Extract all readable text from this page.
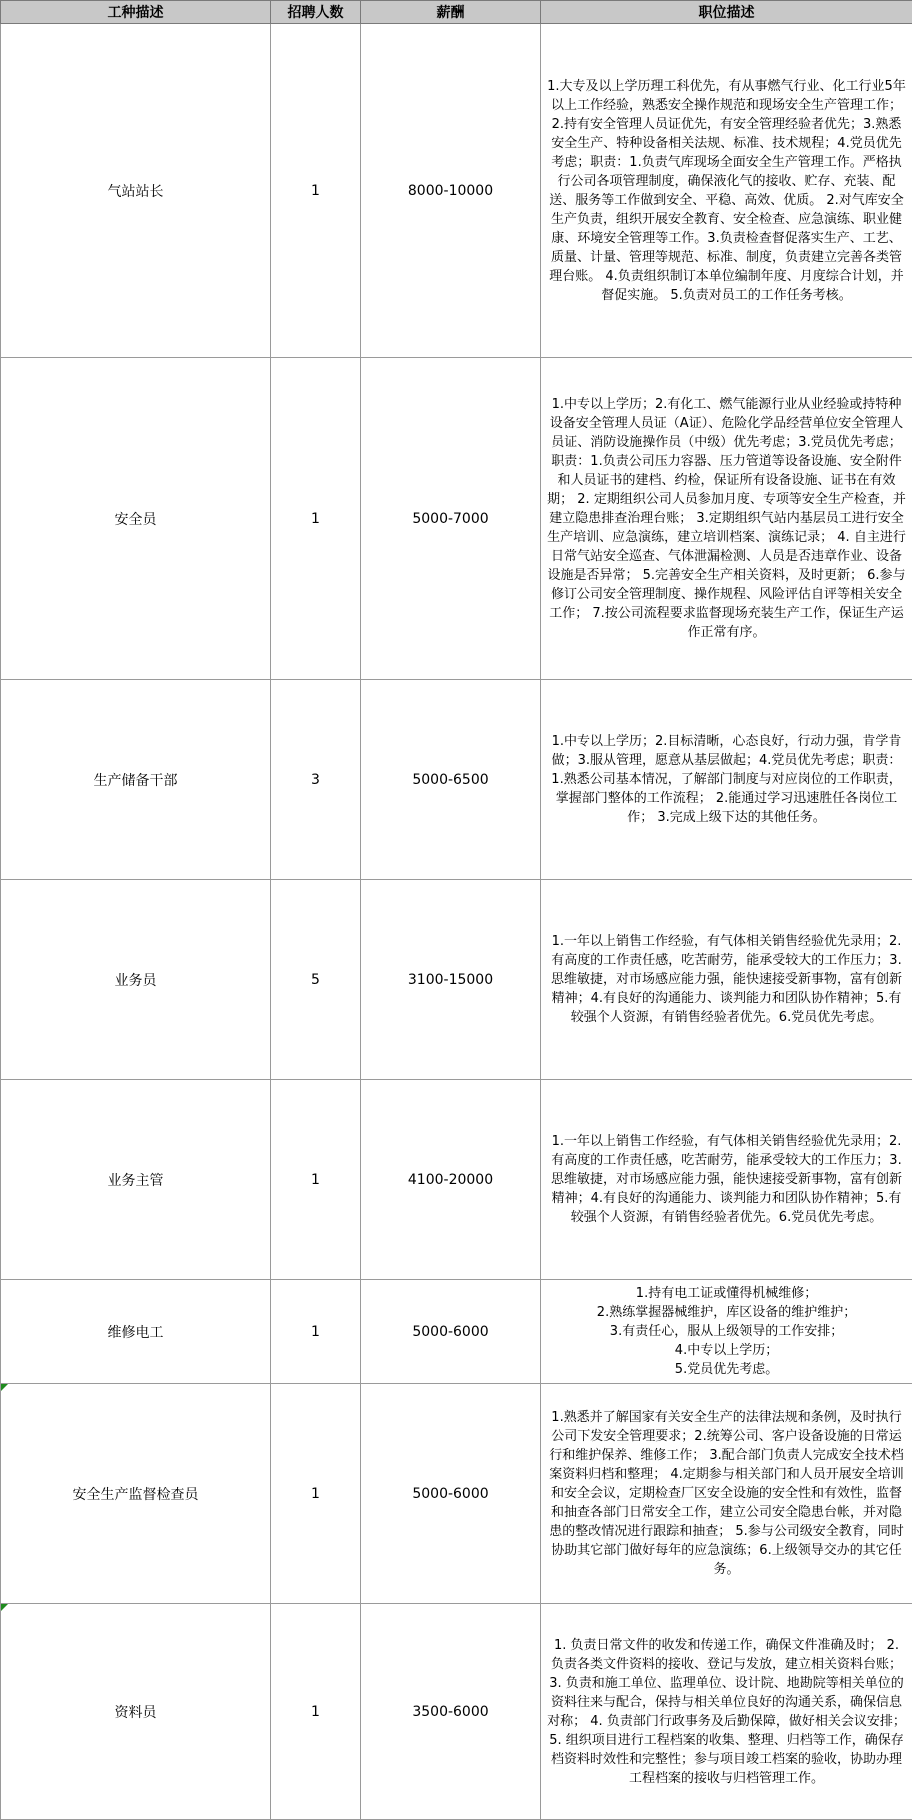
工种描述	招聘人数	薪酬	职位描述
气站站长	1	8000-10000	1.大专及以上学历理工科优先，有从事燃气行业、化工行业5年以上工作经验，熟悉安全操作规范和现场安全生产管理工作；2.持有安全管理人员证优先，有安全管理经验者优先；3.熟悉安全生产、特种设备相关法规、标准、技术规程；4.党员优先考虑；职责：1.负责气库现场全面安全生产管理工作。严格执行公司各项管理制度，确保液化气的接收、贮存、充装、配送、服务等工作做到安全、平稳、高效、优质。 2.对气库安全生产负责，组织开展安全教育、安全检查、应急演练、职业健康、环境安全管理等工作。3.负责检查督促落实生产、工艺、质量、计量、管理等规范、标准、制度，负责建立完善各类管理台账。 4.负责组织制订本单位编制年度、月度综合计划，并督促实施。 5.负责对员工的工作任务考核。

安全员	1	5000-7000	1.中专以上学历；2.有化工、燃气能源行业从业经验或持特种设备安全管理人员证（A证）、危险化学品经营单位安全管理人员证、消防设施操作员（中级）优先考虑；3.党员优先考虑；职责：1.负责公司压力容器、压力管道等设备设施、安全附件和人员证书的建档、约检，保证所有设备设施、证书在有效期； 2. 定期组织公司人员参加月度、专项等安全生产检查，并建立隐患排查治理台账； 3.定期组织气站内基层员工进行安全生产培训、应急演练，建立培训档案、演练记录； 4. 自主进行日常气站安全巡查、气体泄漏检测、人员是否违章作业、设备设施是否异常； 5.完善安全生产相关资料，及时更新； 6.参与修订公司安全管理制度、操作规程、风险评估自评等相关安全工作； 7.按公司流程要求监督现场充装生产工作，保证生产运作正常有序。

生产储备干部	3	5000-6500	1.中专以上学历；2.目标清晰，心态良好，行动力强，肯学肯做；3.服从管理，愿意从基层做起；4.党员优先考虑；职责：1.熟悉公司基本情况，了解部门制度与对应岗位的工作职责，掌握部门整体的工作流程； 2.能通过学习迅速胜任各岗位工作； 3.完成上级下达的其他任务。

业务员	5	3100-15000	1.一年以上销售工作经验，有气体相关销售经验优先录用；2.有高度的工作责任感，吃苦耐劳，能承受较大的工作压力；3.思维敏捷，对市场感应能力强，能快速接受新事物，富有创新精神；4.有良好的沟通能力、谈判能力和团队协作精神；5.有较强个人资源，有销售经验者优先。6.党员优先考虑。

业务主管	1	4100-20000	1.一年以上销售工作经验，有气体相关销售经验优先录用；2.有高度的工作责任感，吃苦耐劳，能承受较大的工作压力；3.思维敏捷，对市场感应能力强，能快速接受新事物，富有创新精神；4.有良好的沟通能力、谈判能力和团队协作精神；5.有较强个人资源，有销售经验者优先。6.党员优先考虑。

维修电工	1	5000-6000	1.持有电工证或懂得机械维修；
2.熟练掌握器械维护，库区设备的维护维护；
3.有责任心，服从上级领导的工作安排；
4.中专以上学历；
5.党员优先考虑。

安全生产监督检查员	1	5000-6000	1.熟悉并了解国家有关安全生产的法律法规和条例，及时执行公司下发安全管理要求；2.统筹公司、客户设备设施的日常运行和维护保养、维修工作； 3.配合部门负责人完成安全技术档案资料归档和整理； 4.定期参与相关部门和人员开展安全培训和安全会议，定期检查厂区安全设施的安全性和有效性，监督和抽查各部门日常安全工作，建立公司安全隐患台帐，并对隐患的整改情况进行跟踪和抽查； 5.参与公司级安全教育，同时协助其它部门做好每年的应急演练；6.上级领导交办的其它任务。

资料员	1	3500-6000	1. 负责日常文件的收发和传递工作，确保文件准确及时； 2. 负责各类文件资料的接收、登记与发放，建立相关资料台账； 3. 负责和施工单位、监理单位、设计院、地勘院等相关单位的资料往来与配合，保持与相关单位良好的沟通关系，确保信息对称； 4. 负责部门行政事务及后勤保障，做好相关会议安排； 5. 组织项目进行工程档案的收集、整理、归档等工作，确保存档资料时效性和完整性；参与项目竣工档案的验收，协助办理工程档案的接收与归档管理工作。
